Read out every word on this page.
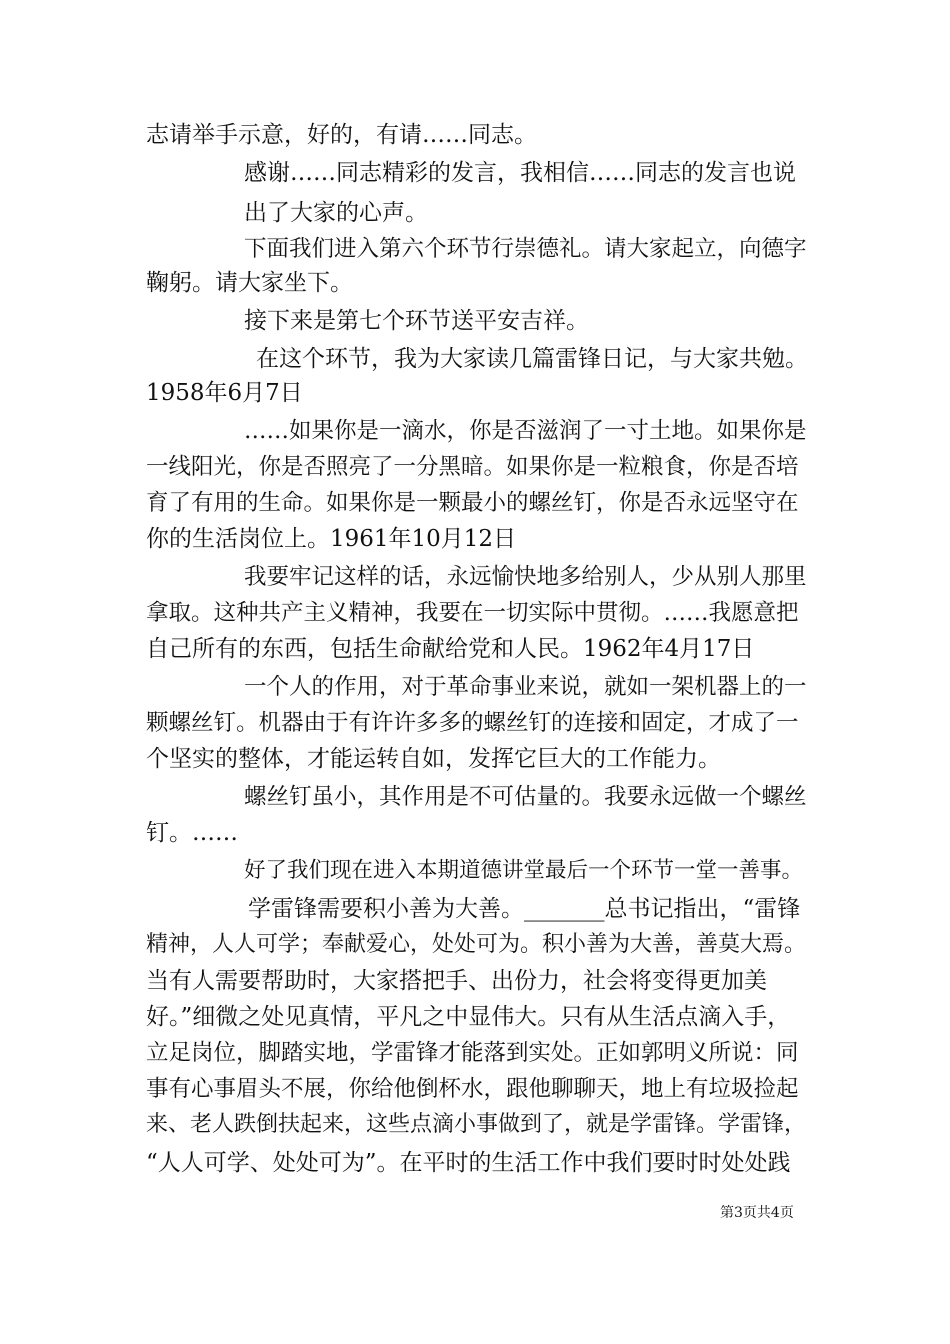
志请举手示意，好的，有请……同志。
感谢……同志精彩的发言，我相信……同志的发言也说
出了大家的心声。
下面我们进入第六个环节行崇德礼。请大家起立，向德字
鞠躬。请大家坐下。
接下来是第七个环节送平安吉祥。
在这个环节，我为大家读几篇雷锋日记，与大家共勉。
1958年6月7日
……如果你是一滴水，你是否滋润了一寸土地。如果你是
一线阳光，你是否照亮了一分黑暗。如果你是一粒粮食，你是否培
育了有用的生命。如果你是一颗最小的螺丝钉，你是否永远坚守在
你的生活岗位上。1961年10月12日
我要牢记这样的话，永远愉快地多给别人，少从别人那里
拿取。这种共产主义精神，我要在一切实际中贯彻。……我愿意把
自己所有的东西，包括生命献给党和人民。1962年4月17日
一个人的作用，对于革命事业来说，就如一架机器上的一
颗螺丝钉。机器由于有许许多多的螺丝钉的连接和固定，才成了一
个坚实的整体，才能运转自如，发挥它巨大的工作能力。
螺丝钉虽小，其作用是不可估量的。我要永远做一个螺丝
钉。……
好了我们现在进入本期道德讲堂最后一个环节一堂一善事。
学雷锋需要积小善为大善。_______总书记指出，“雷锋
精神，人人可学；奉献爱心，处处可为。积小善为大善，善莫大焉。
当有人需要帮助时，大家搭把手、出份力，社会将变得更加美
好。”细微之处见真情，平凡之中显伟大。只有从生活点滴入手，
立足岗位，脚踏实地，学雷锋才能落到实处。正如郭明义所说：同
事有心事眉头不展，你给他倒杯水，跟他聊聊天，地上有垃圾捡起
来、老人跌倒扶起来，这些点滴小事做到了，就是学雷锋。学雷锋，
“人人可学、处处可为”。在平时的生活工作中我们要时时处处践
第3页共4页
